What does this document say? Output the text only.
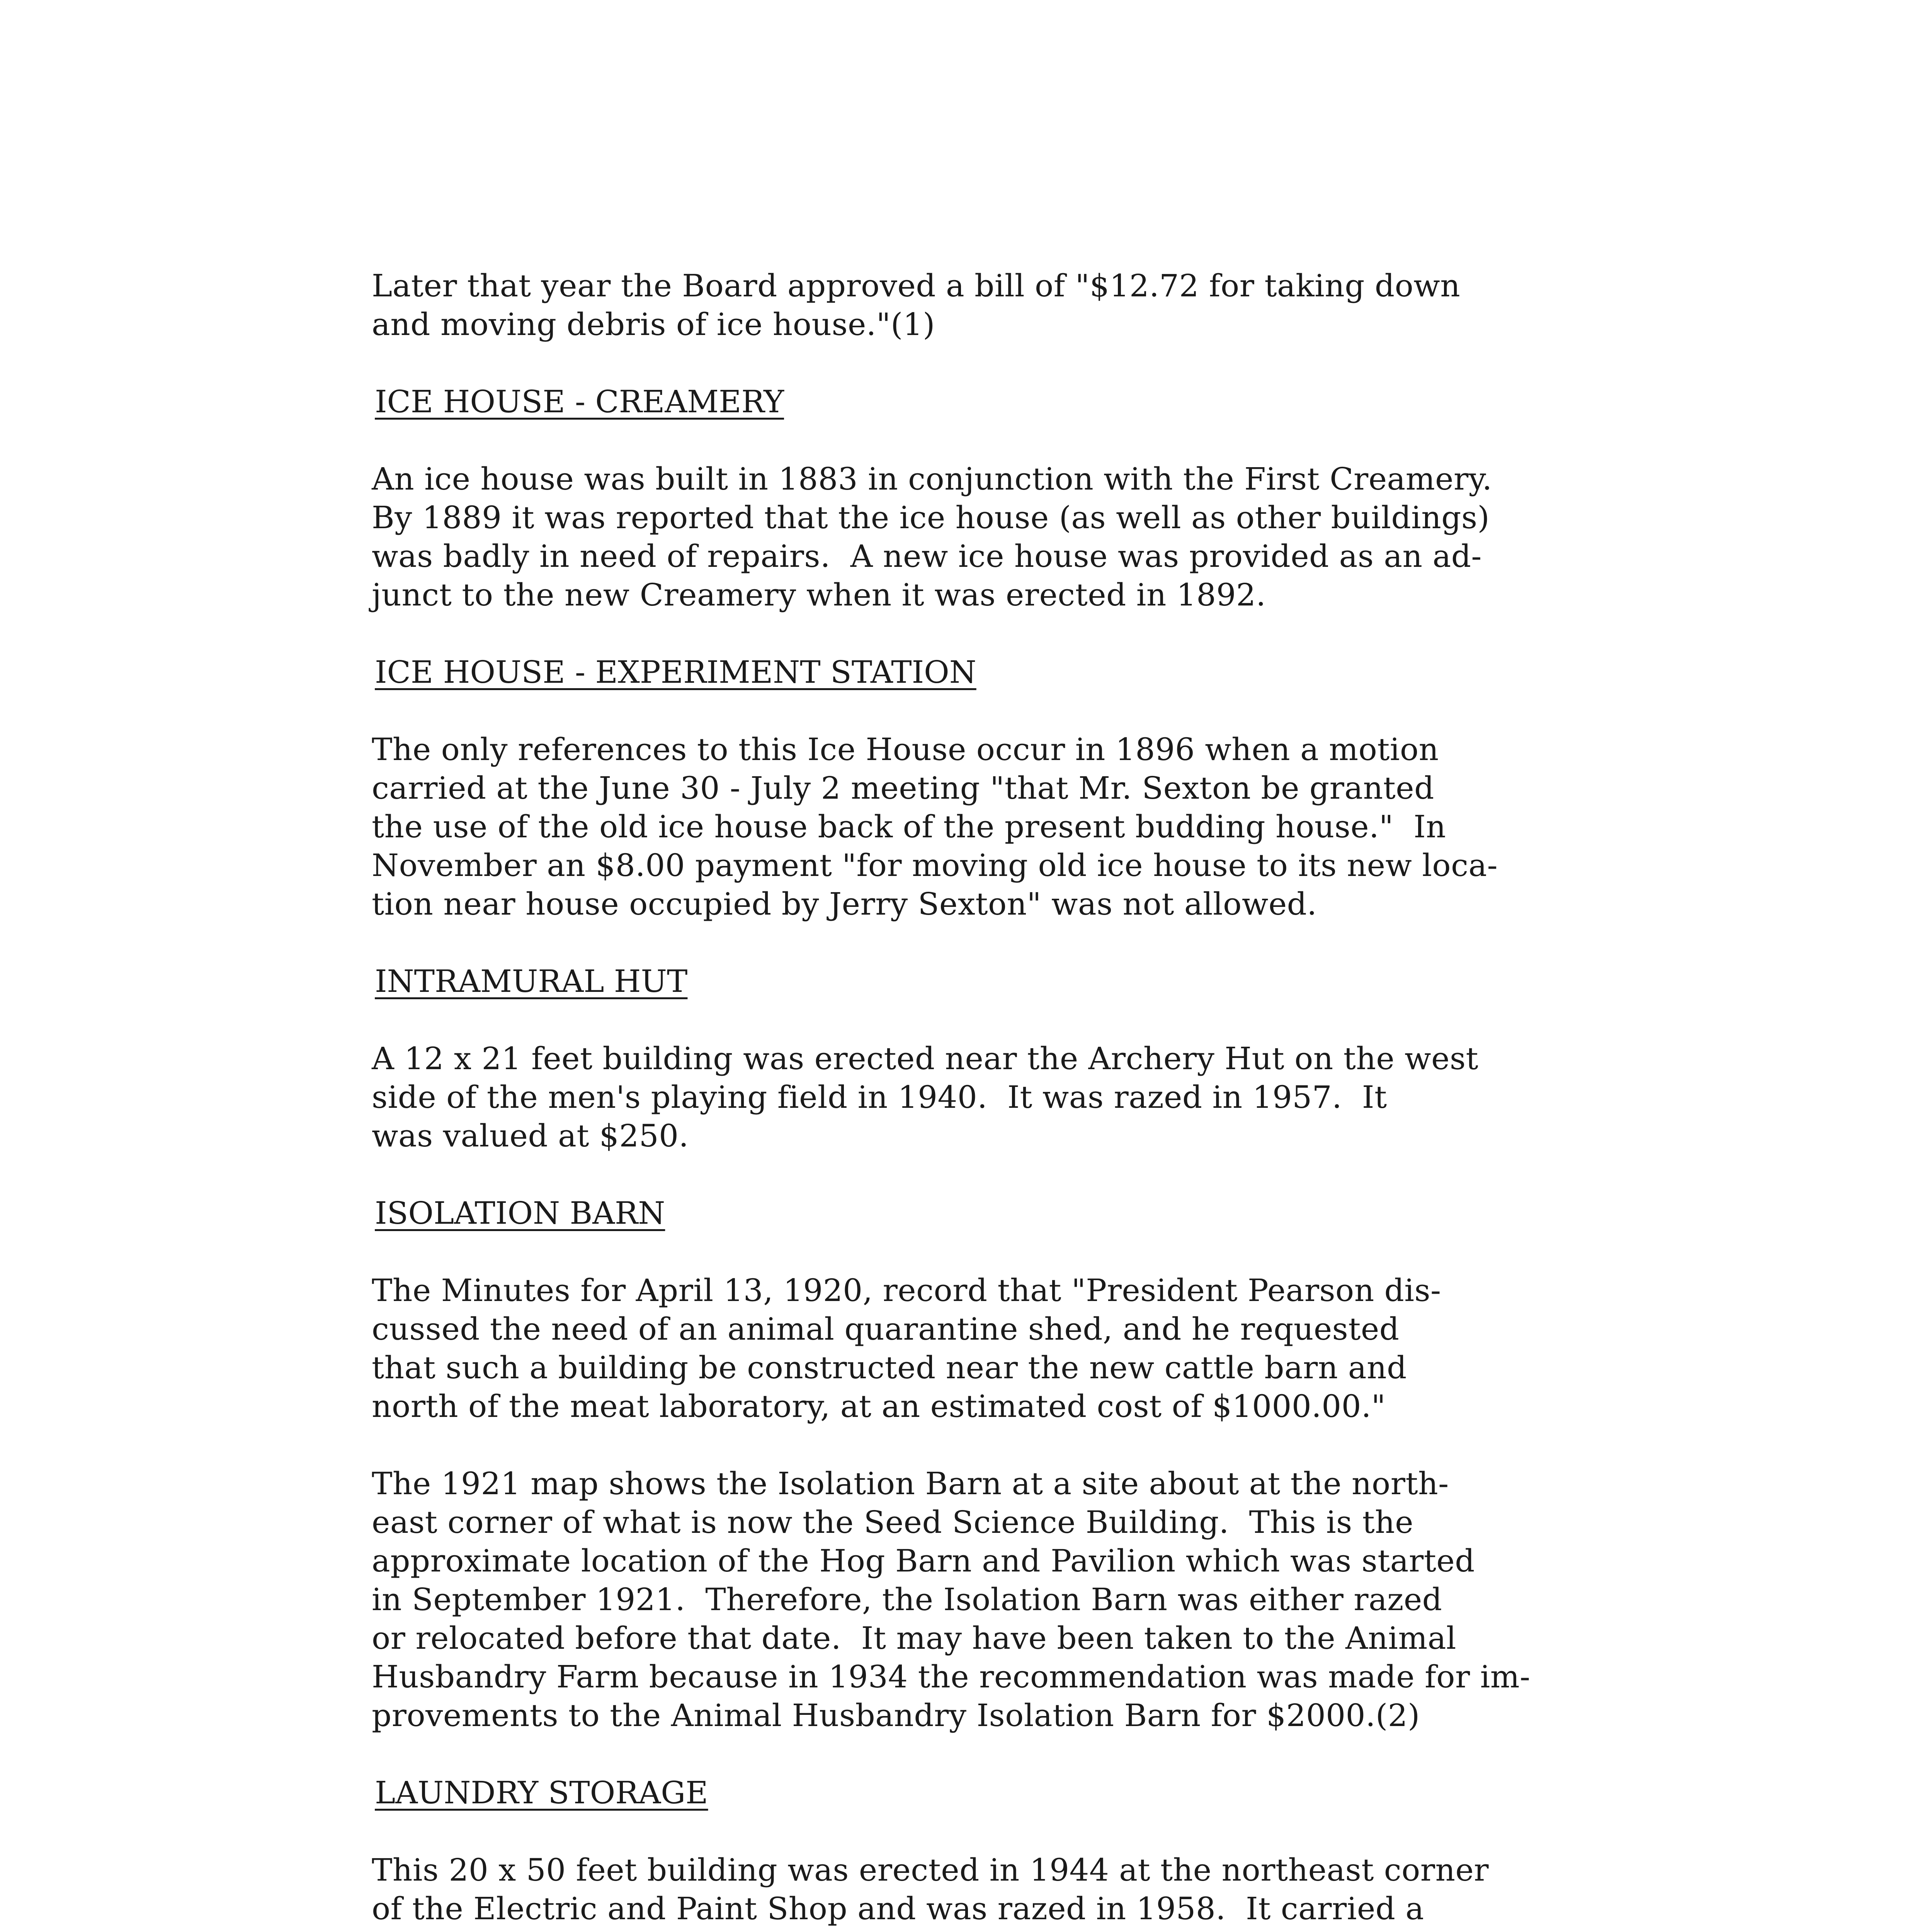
Later that year the Board approved a bill of "$12.72 for taking down
and moving debris of ice house."(1)
ICE HOUSE - CREAMERY
An ice house was built in 1883 in conjunction with the First Creamery.
By 1889 it was reported that the ice house (as well as other buildings)
was badly in need of repairs.  A new ice house was provided as an ad-
junct to the new Creamery when it was erected in 1892.
ICE HOUSE - EXPERIMENT STATION
The only references to this Ice House occur in 1896 when a motion
carried at the June 30 - July 2 meeting "that Mr. Sexton be granted
the use of the old ice house back of the present budding house."  In
November an $8.00 payment "for moving old ice house to its new loca-
tion near house occupied by Jerry Sexton" was not allowed.
INTRAMURAL HUT
A 12 x 21 feet building was erected near the Archery Hut on the west
side of the men's playing field in 1940.  It was razed in 1957.  It
was valued at $250.
ISOLATION BARN
The Minutes for April 13, 1920, record that "President Pearson dis-
cussed the need of an animal quarantine shed, and he requested
that such a building be constructed near the new cattle barn and
north of the meat laboratory, at an estimated cost of $1000.00."
The 1921 map shows the Isolation Barn at a site about at the north-
east corner of what is now the Seed Science Building.  This is the
approximate location of the Hog Barn and Pavilion which was started
in September 1921.  Therefore, the Isolation Barn was either razed
or relocated before that date.  It may have been taken to the Animal
Husbandry Farm because in 1934 the recommendation was made for im-
provements to the Animal Husbandry Isolation Barn for $2000.(2)
LAUNDRY STORAGE
This 20 x 50 feet building was erected in 1944 at the northeast corner
of the Electric and Paint Shop and was razed in 1958.  It carried a
